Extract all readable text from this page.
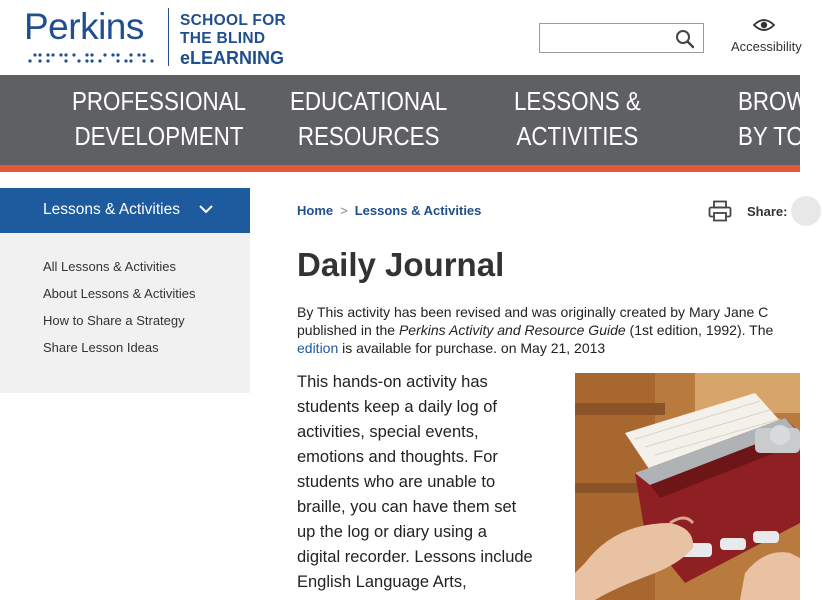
Perkins SCHOOL FOR
THE BLIND
eLEARNING
Accessibility
PROFESSIONAL
DEVELOPMENT
EDUCATIONAL
RESOURCES
LESSONS &
ACTIVITIES
BROWS
BY TOP
Lessons & Activities
All Lessons & Activities
About Lessons & Activities
How to Share a Strategy
Share Lesson Ideas
Home > Lessons & Activities	Share:
Daily Journal
By This activity has been revised and was originally created by Mary Jane C
published in the Perkins Activity and Resource Guide (1st edition, 1992). The
edition is available for purchase. on May 21, 2013
This hands-on activity has
students keep a daily log of
activities, special events,
emotions and thoughts. For
students who are unable to
braille, you can have them set
up the log or diary using a
digital recorder. Lessons include
English Language Arts,
